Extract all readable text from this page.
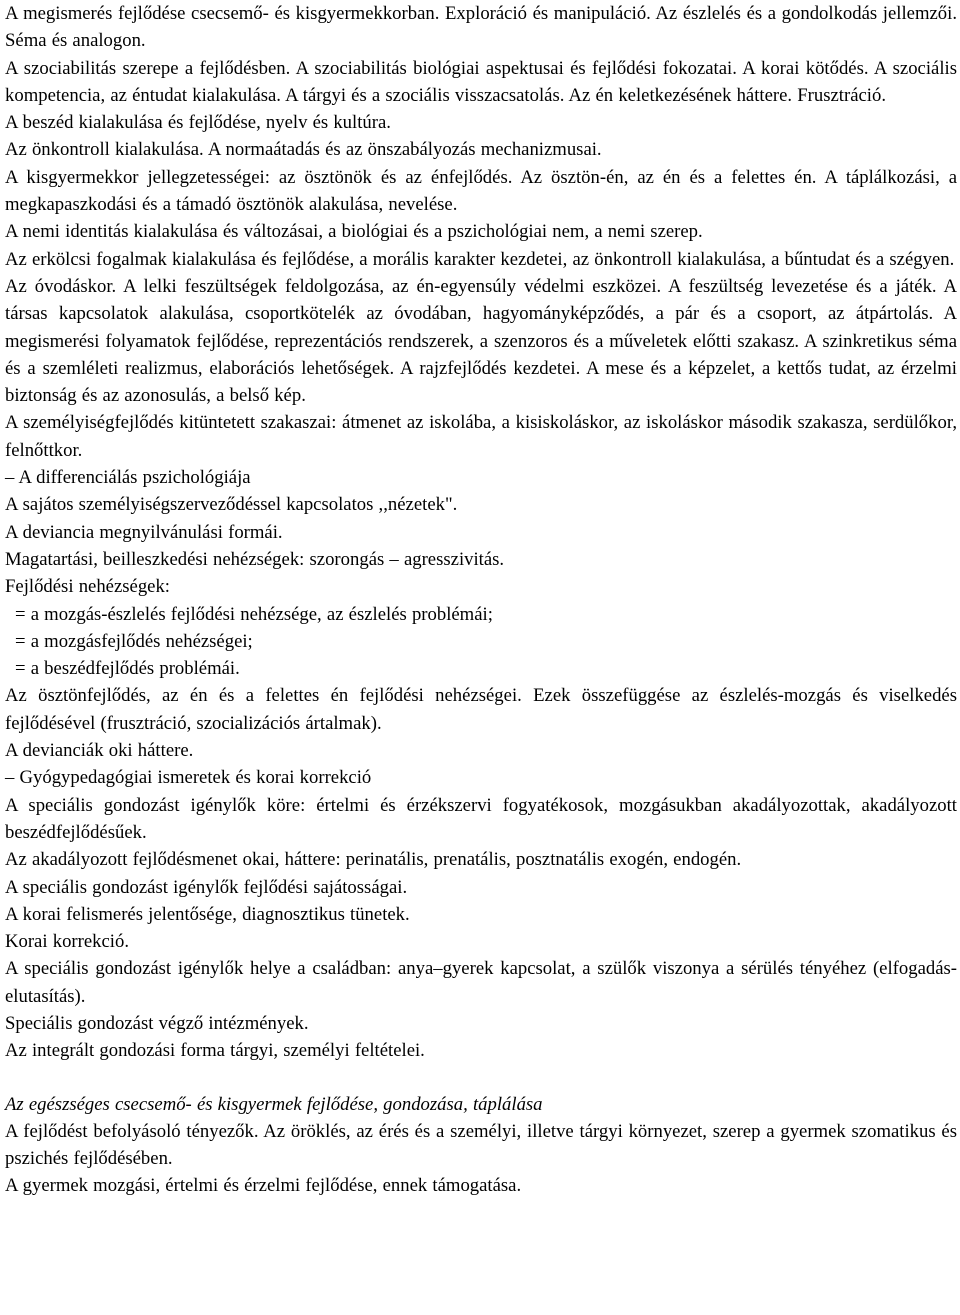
A megismerés fejlődése csecsemő- és kisgyermekkorban. Exploráció és manipuláció. Az észlelés és a gondolkodás jellemzői. Séma és analogon.

A szociabilitás szerepe a fejlődésben. A szociabilitás biológiai aspektusai és fejlődési fokozatai. A korai kötődés. A szociális kompetencia, az éntudat kialakulása. A tárgyi és a szociális visszacsatolás. Az én keletkezésének háttere. Frusztráció.

A beszéd kialakulása és fejlődése, nyelv és kultúra.

Az önkontroll kialakulása. A normaátadás és az önszabályozás mechanizmusai.

A kisgyermekkor jellegzetességei: az ösztönök és az énfejlődés. Az ösztön-én, az én és a felettes én. A táplálkozási, a megkapaszkodási és a támadó ösztönök alakulása, nevelése.

A nemi identitás kialakulása és változásai, a biológiai és a pszichológiai nem, a nemi szerep.

Az erkölcsi fogalmak kialakulása és fejlődése, a morális karakter kezdetei, az önkontroll kialakulása, a bűntudat és a szégyen.

Az óvodáskor. A lelki feszültségek feldolgozása, az én-egyensúly védelmi eszközei. A feszültség levezetése és a játék. A társas kapcsolatok alakulása, csoportkötelék az óvodában, hagyományképződés, a pár és a csoport, az átpártolás. A megismerési folyamatok fejlődése, reprezentációs rendszerek, a szenzoros és a műveletek előtti szakasz. A szinkretikus séma és a szemléleti realizmus, elaborációs lehetőségek. A rajzfejlődés kezdetei. A mese és a képzelet, a kettős tudat, az érzelmi biztonság és az azonosulás, a belső kép.

A személyiségfejlődés kitüntetett szakaszai: átmenet az iskolába, a kisiskoláskor, az iskoláskor második szakasza, serdülőkor, felnőttkor.

– A differenciálás pszichológiája

A sajátos személyiségszerveződéssel kapcsolatos ,,nézetek".

A deviancia megnyilvánulási formái.

Magatartási, beilleszkedési nehézségek: szorongás – agresszivitás.

Fejlődési nehézségek:

= a mozgás-észlelés fejlődési nehézsége, az észlelés problémái;

= a mozgásfejlődés nehézségei;

= a beszédfejlődés problémái.

Az ösztönfejlődés, az én és a felettes én fejlődési nehézségei. Ezek összefüggése az észlelés-mozgás és viselkedés fejlődésével (frusztráció, szocializációs ártalmak).

A devianciák oki háttere.

– Gyógypedagógiai ismeretek és korai korrekció

A speciális gondozást igénylők köre: értelmi és érzékszervi fogyatékosok, mozgásukban akadályozottak, akadályozott beszédfejlődésűek.

Az akadályozott fejlődésmenet okai, háttere: perinatális, prenatális, posztnatális exogén, endogén.

A speciális gondozást igénylők fejlődési sajátosságai.

A korai felismerés jelentősége, diagnosztikus tünetek.

Korai korrekció.

A speciális gondozást igénylők helye a családban: anya–gyerek kapcsolat, a szülők viszonya a sérülés tényéhez (elfogadás-elutasítás).

Speciális gondozást végző intézmények.

Az integrált gondozási forma tárgyi, személyi feltételei.

Az egészséges csecsemő- és kisgyermek fejlődése, gondozása, táplálása

A fejlődést befolyásoló tényezők. Az öröklés, az érés és a személyi, illetve tárgyi környezet, szerep a gyermek szomatikus és pszichés fejlődésében.

A gyermek mozgási, értelmi és érzelmi fejlődése, ennek támogatása.
